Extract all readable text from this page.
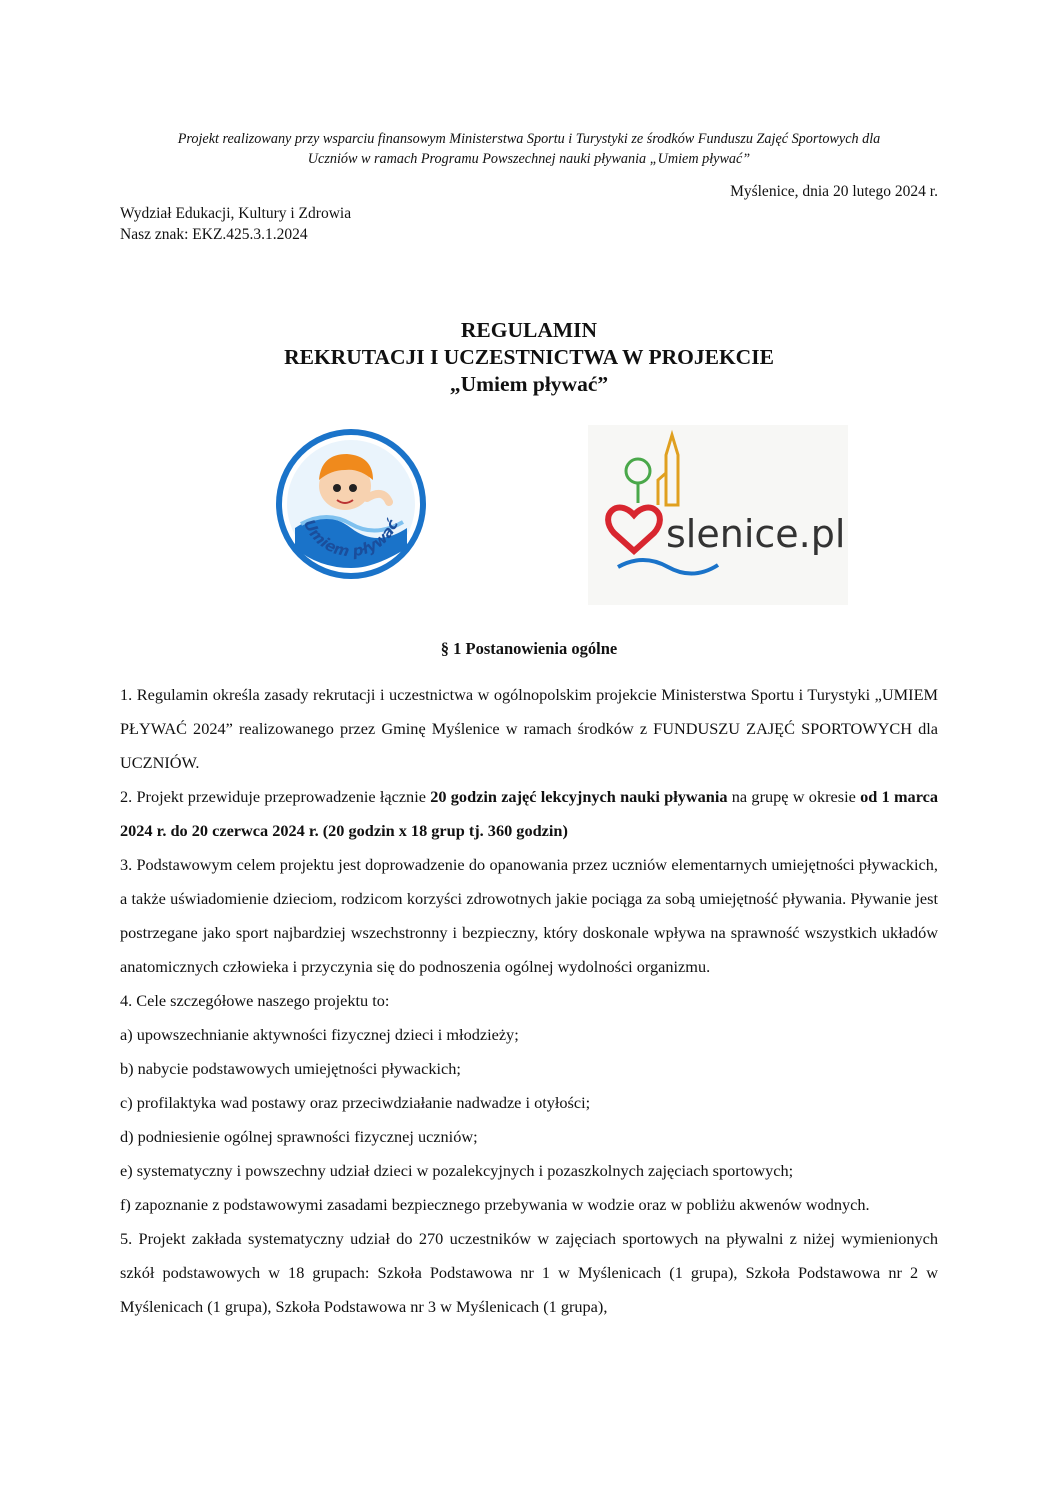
Projekt realizowany przy wsparciu finansowym Ministerstwa Sportu i Turystyki ze środków Funduszu Zajęć Sportowych dla
Uczniów w ramach Programu Powszechnej nauki pływania „Umiem pływać”
Myślenice, dnia 20 lutego 2024 r.
Wydział Edukacji, Kultury i Zdrowia
Nasz znak: EKZ.425.3.1.2024
REGULAMIN
REKRUTACJI I UCZESTNICTWA W PROJEKCIE
„Umiem pływać”
Umiem pływać	slenice.pl
§ 1 Postanowienia ogólne

1. Regulamin określa zasady rekrutacji i uczestnictwa w ogólnopolskim projekcie Ministerstwa Sportu i Turystyki „UMIEM PŁYWAĆ 2024” realizowanego przez Gminę Myślenice w ramach środków z FUNDUSZU ZAJĘĆ SPORTOWYCH dla UCZNIÓW.

2. Projekt przewiduje przeprowadzenie łącznie 20 godzin zajęć lekcyjnych nauki pływania na grupę w okresie od 1 marca 2024 r. do 20 czerwca 2024 r. (20 godzin x 18 grup tj. 360 godzin)

3. Podstawowym celem projektu jest doprowadzenie do opanowania przez uczniów elementarnych umiejętności pływackich, a także uświadomienie dzieciom, rodzicom korzyści zdrowotnych jakie pociąga za sobą umiejętność pływania. Pływanie jest postrzegane jako sport najbardziej wszechstronny i bezpieczny, który doskonale wpływa na sprawność wszystkich układów anatomicznych człowieka i przyczynia się do podnoszenia ogólnej wydolności organizmu.

4. Cele szczegółowe naszego projektu to:

a) upowszechnianie aktywności fizycznej dzieci i młodzieży;

b) nabycie podstawowych umiejętności pływackich;

c) profilaktyka wad postawy oraz przeciwdziałanie nadwadze i otyłości;

d) podniesienie ogólnej sprawności fizycznej uczniów;

e) systematyczny i powszechny udział dzieci w pozalekcyjnych i pozaszkolnych zajęciach sportowych;

f) zapoznanie z podstawowymi zasadami bezpiecznego przebywania w wodzie oraz w pobliżu akwenów wodnych.

5. Projekt zakłada systematyczny udział do 270 uczestników w zajęciach sportowych na pływalni z niżej wymienionych szkół podstawowych w 18 grupach: Szkoła Podstawowa nr 1 w Myślenicach (1 grupa), Szkoła Podstawowa nr 2 w Myślenicach (1 grupa), Szkoła Podstawowa nr 3 w Myślenicach (1 grupa),
